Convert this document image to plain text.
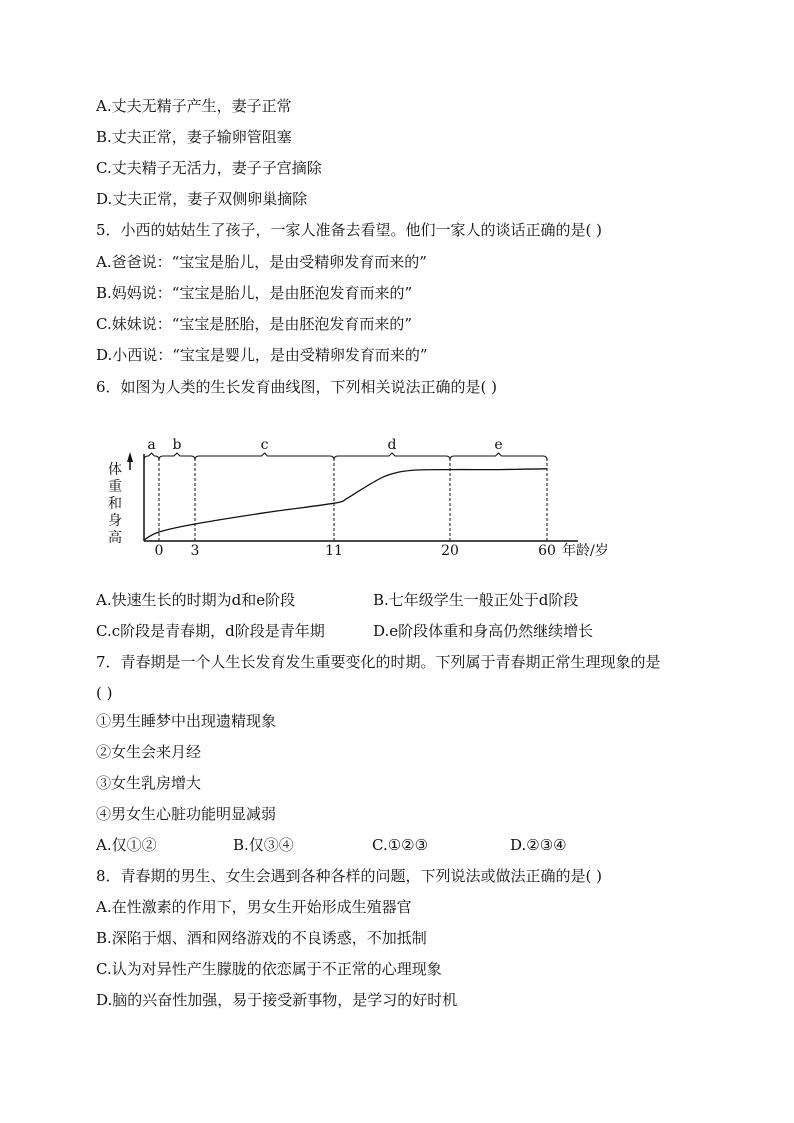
A.丈夫无精子产生，妻子正常
B.丈夫正常，妻子输卵管阻塞
C.丈夫精子无活力，妻子子宫摘除
D.丈夫正常，妻子双侧卵巢摘除
5．小西的姑姑生了孩子，一家人准备去看望。他们一家人的谈话正确的是( )
A.爸爸说：“宝宝是胎儿，是由受精卵发育而来的”
B.妈妈说：“宝宝是胎儿，是由胚泡发育而来的”
C.妹妹说：“宝宝是胚胎，是由胚泡发育而来的”
D.小西说：“宝宝是婴儿，是由受精卵发育而来的”
6．如图为人类的生长发育曲线图，下列相关说法正确的是( )
体
重
和
身
高
a b	c	d	e
0 3	11	20	60 年龄/岁
A.快速生长的时期为d和e阶段	B.七年级学生一般正处于d阶段
C.c阶段是青春期，d阶段是青年期	D.e阶段体重和身高仍然继续增长
7．青春期是一个人生长发育发生重要变化的时期。下列属于青春期正常生理现象的是
( )
①男生睡梦中出现遗精现象
②女生会来月经
③女生乳房增大
④男女生心脏功能明显减弱
A.仅①②	B.仅③④	C.①②③	D.②③④
8．青春期的男生、女生会遇到各种各样的问题，下列说法或做法正确的是( )
A.在性激素的作用下，男女生开始形成生殖器官
B.深陷于烟、酒和网络游戏的不良诱惑，不加抵制
C.认为对异性产生朦胧的依恋属于不正常的心理现象
D.脑的兴奋性加强，易于接受新事物，是学习的好时机
